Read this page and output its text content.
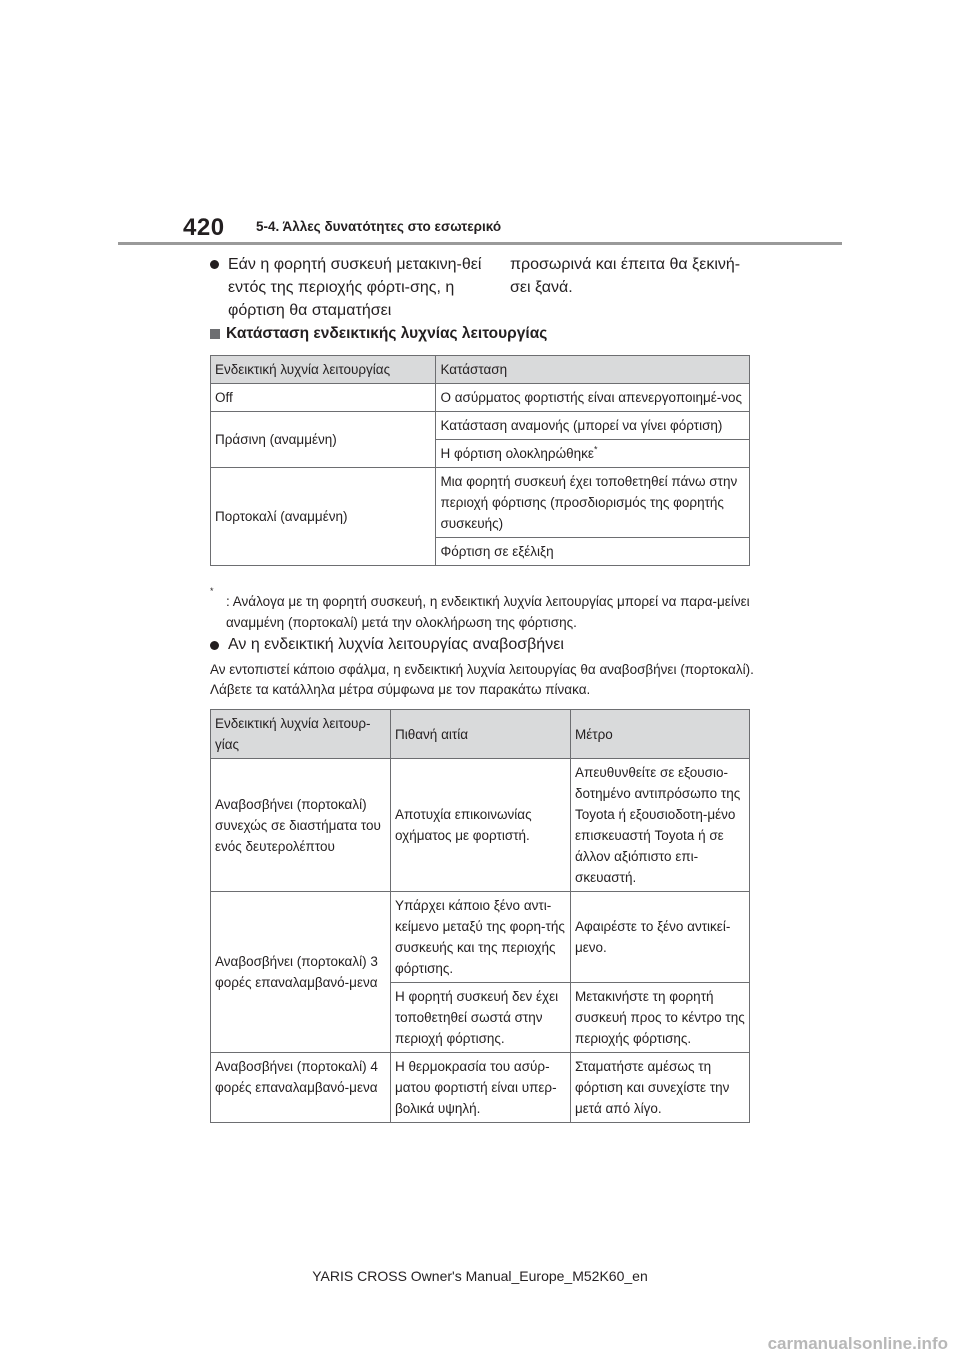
420 5-4. Άλλες δυνατότητες στο εσωτερικό
Εάν η φορητή συσκευή μετακινη-θεί εντός της περιοχής φόρτι-σης, η φόρτιση θα σταματήσει
προσωρινά και έπειτα θα ξεκινή-σει ξανά.
Κατάσταση ενδεικτικής λυχνίας λειτουργίας
Ενδεικτική λυχνία λειτουργίας	Κατάσταση
Off	Ο ασύρματος φορτιστής είναι απενεργοποιημέ-νος
Πράσινη (αναμμένη)	Κατάσταση αναμονής (μπορεί να γίνει φόρτιση)
	Η φόρτιση ολοκληρώθηκε*
Πορτοκαλί (αναμμένη)	Μια φορητή συσκευή έχει τοποθετηθεί πάνω στην περιοχή φόρτισης (προσδιορισμός της φορητής συσκευής)
	Φόρτιση σε εξέλιξη
*
: Ανάλογα με τη φορητή συσκευή, η ενδεικτική λυχνία λειτουργίας μπορεί να παρα-μείνει αναμμένη (πορτοκαλί) μετά την ολοκλήρωση της φόρτισης.
Αν η ενδεικτική λυχνία λειτουργίας αναβοσβήνει
Αν εντοπιστεί κάποιο σφάλμα, η ενδεικτική λυχνία λειτουργίας θα αναβοσβήνει (πορτοκαλί). Λάβετε τα κατάλληλα μέτρα σύμφωνα με τον παρακάτω πίνακα.
Ενδεικτική λυχνία λειτουρ-γίας	Πιθανή αιτία	Μέτρο
Αναβοσβήνει (πορτοκαλί) συνεχώς σε διαστήματα του ενός δευτερολέπτου	Αποτυχία επικοινωνίας οχήματος με φορτιστή.	Απευθυνθείτε σε εξουσιο-δοτημένο αντιπρόσωπο της Toyota ή εξουσιοδοτη-μένο επισκευαστή Toyota ή σε άλλον αξιόπιστο επι-σκευαστή.
Αναβοσβήνει (πορτοκαλί) 3 φορές επαναλαμβανό-μενα	Υπάρχει κάποιο ξένο αντι-κείμενο μεταξύ της φορη-τής συσκευής και της περιοχής φόρτισης.	Αφαιρέστε το ξένο αντικεί-μενο.
	Η φορητή συσκευή δεν έχει τοποθετηθεί σωστά στην περιοχή φόρτισης.	Μετακινήστε τη φορητή συσκευή προς το κέντρο της περιοχής φόρτισης.
Αναβοσβήνει (πορτοκαλί) 4 φορές επαναλαμβανό-μενα	Η θερμοκρασία του ασύρ-ματου φορτιστή είναι υπερ-βολικά υψηλή.	Σταματήστε αμέσως τη φόρτιση και συνεχίστε την μετά από λίγο.
YARIS CROSS Owner's Manual_Europe_M52K60_en
carmanualsonline.info
